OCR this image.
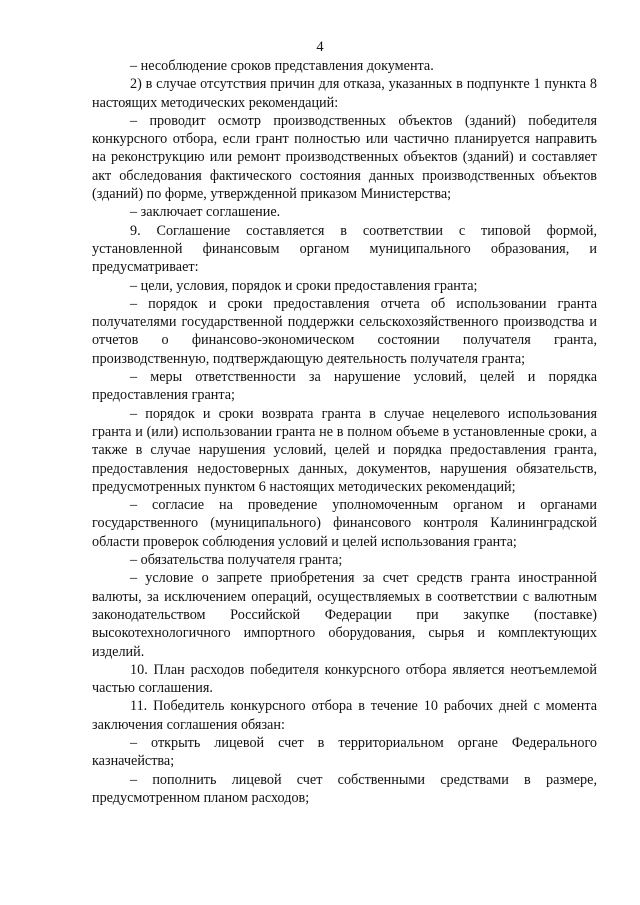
4

– несоблюдение сроков представления документа.

2) в случае отсутствия причин для отказа, указанных в подпункте 1 пункта 8 настоящих методических рекомендаций:

– проводит осмотр производственных объектов (зданий) победителя конкурсного отбора, если грант полностью или частично планируется направить на реконструкцию или ремонт производственных объектов (зданий) и составляет акт обследования фактического состояния данных производственных объектов (зданий) по форме, утвержденной приказом Министерства;

– заключает соглашение.

9. Соглашение составляется в соответствии с типовой формой, установленной финансовым органом муниципального образования, и предусматривает:

– цели, условия, порядок и сроки предоставления гранта;

– порядок и сроки предоставления отчета об использовании гранта получателями государственной поддержки сельскохозяйственного производства и отчетов о финансово-экономическом состоянии получателя гранта, производственную, подтверждающую деятельность получателя гранта;

– меры ответственности за нарушение условий, целей и порядка предоставления гранта;

– порядок и сроки возврата гранта в случае нецелевого использования гранта и (или) использовании гранта не в полном объеме в установленные сроки, а также в случае нарушения условий, целей и порядка предоставления гранта, предоставления недостоверных данных, документов, нарушения обязательств, предусмотренных пунктом 6 настоящих методических рекомендаций;

– согласие на проведение уполномоченным органом и органами государственного (муниципального) финансового контроля Калининградской области проверок соблюдения условий и целей использования гранта;

– обязательства получателя гранта;

– условие о запрете приобретения за счет средств гранта иностранной валюты, за исключением операций, осуществляемых в соответствии с валютным законодательством Российской Федерации при закупке (поставке) высокотехнологичного импортного оборудования, сырья и комплектующих изделий.

10. План расходов победителя конкурсного отбора является неотъемлемой частью соглашения.

11. Победитель конкурсного отбора в течение 10 рабочих дней с момента заключения соглашения обязан:

– открыть лицевой счет в территориальном органе Федерального казначейства;

– пополнить лицевой счет собственными средствами в размере, предусмотренном планом расходов;
